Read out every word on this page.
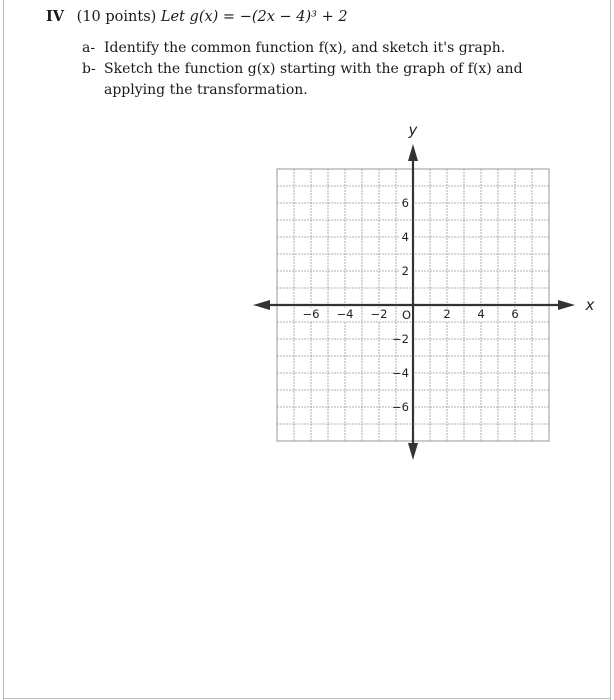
IV (10 points) Let g(x) = −(2x − 4)³ + 2
a- Identify the common function f(x), and sketch it's graph.
b- Sketch the function g(x) starting with the graph of f(x) and applying the transformation.
−6 −4 −2	2 4 6
6
4
2
−2
−4
−6
O
x
y
